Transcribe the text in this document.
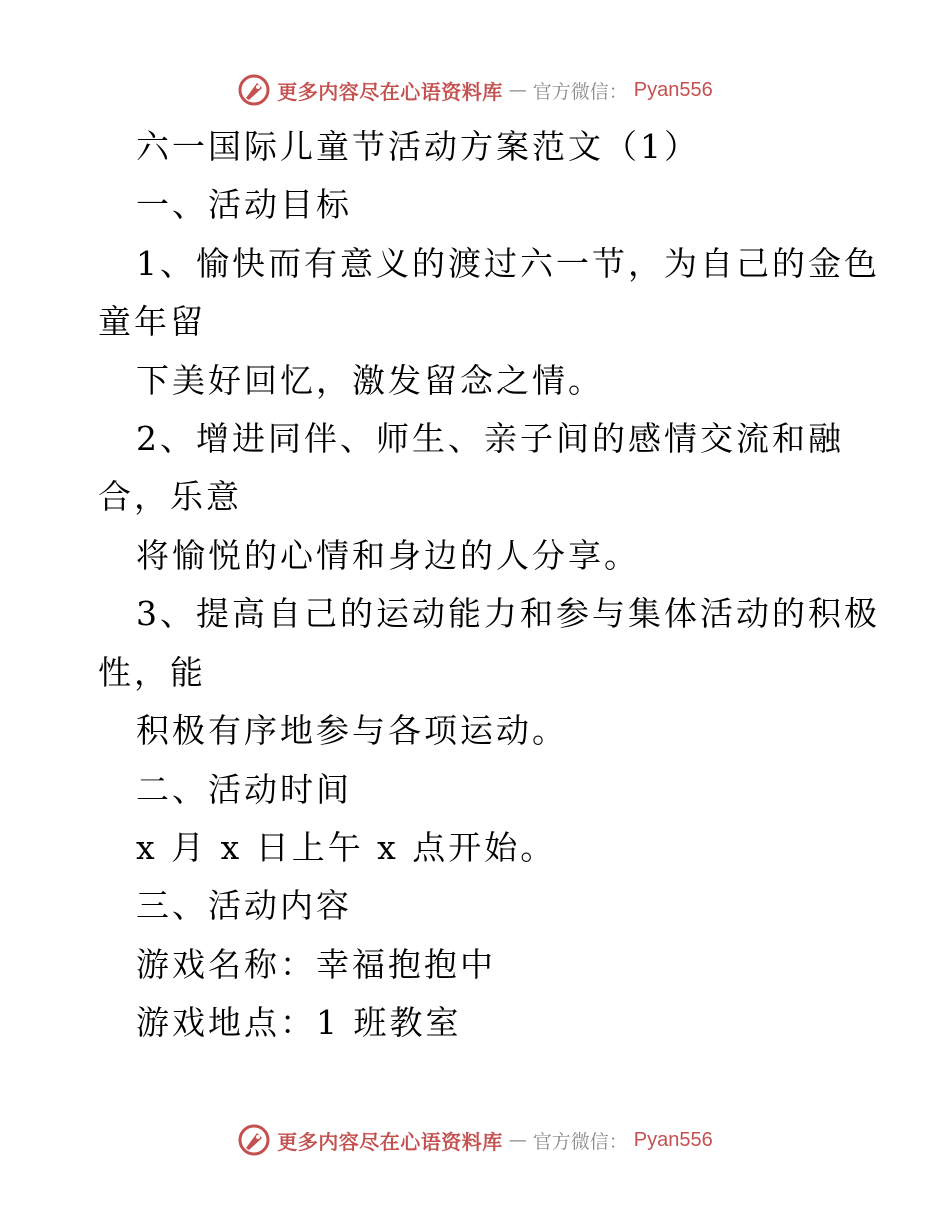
更多内容尽在心语资料库 — 官方微信： Pyan556
六一国际儿童节活动方案范文（1）
一、活动目标
1、愉快而有意义的渡过六一节，为自己的金色
童年留
下美好回忆，激发留念之情。
2、增进同伴、师生、亲子间的感情交流和融
合，乐意
将愉悦的心情和身边的人分享。
3、提高自己的运动能力和参与集体活动的积极
性，能
积极有序地参与各项运动。
二、活动时间
x 月 x 日上午 x 点开始。
三、活动内容
游戏名称：幸福抱抱中
游戏地点：1 班教室
更多内容尽在心语资料库 — 官方微信： Pyan556
